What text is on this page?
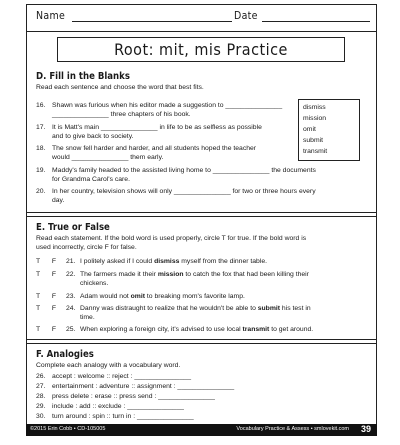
Name	Date
Root: mit, mis Practice
D. Fill in the Blanks
Read each sentence and choose the word that best fits.
dismiss
mission
omit
submit
transmit
16. Shawn was furious when his editor made a suggestion to _______________
_______________ three chapters of his book.
17. It is Matt's main _______________ in life to be as selfless as possible
and to give back to society.
18. The snow fell harder and harder, and all students hoped the teacher
would _______________ them early.
19. Maddy's family headed to the assisted living home to _______________ the documents
for Grandma Carol's care.
20. In her country, television shows will only _______________ for two or three hours every
day.
E. True or False
Read each statement. If the bold word is used properly, circle T for true. If the bold word is
used incorrectly, circle F for false.
T F	21. I politely asked if I could dismiss myself from the dinner table.
T F	22. The farmers made it their mission to catch the fox that had been killing their
chickens.
T F	23. Adam would not omit to breaking mom's favorite lamp.
T F	24. Danny was distraught to realize that he wouldn't be able to submit his test in
time.
T F	25. When exploring a foreign city, it's advised to use local transmit to get around.
F. Analogies
Complete each analogy with a vocabulary word.
26. accept : welcome :: reject : _______________
27. entertainment : adventure :: assignment : _______________
28. press delete : erase :: press send : _______________
29. include : add :: exclude : _______________
30. turn around : spin :: turn in : _______________
©2015 Erin Cobb • CD-105005	Vocabulary Practice & Assess • smlovekit.com 39
